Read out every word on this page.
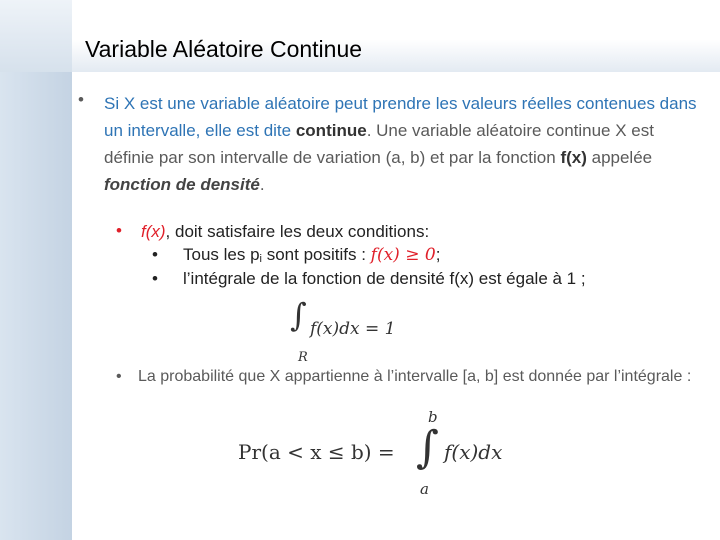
Variable Aléatoire Continue
• Si X est une variable aléatoire peut prendre les valeurs réelles contenues dans un intervalle, elle est dite continue. Une variable aléatoire continue X est définie par son intervalle de variation (a, b) et par la fonction f(x) appelée fonction de densité.
• f(x), doit satisfaire les deux conditions:
• Tous les pi sont positifs : f(x) ≥ 0;
• l’intégrale de la fonction de densité f(x) est égale à 1 ;
∫ f(x)dx = 1
R
• La probabilité que X appartienne à l’intervalle [a, b] est donnée par l’intégrale :
Pr(a < x ≤ b) =
b
∫
a
f(x)dx
